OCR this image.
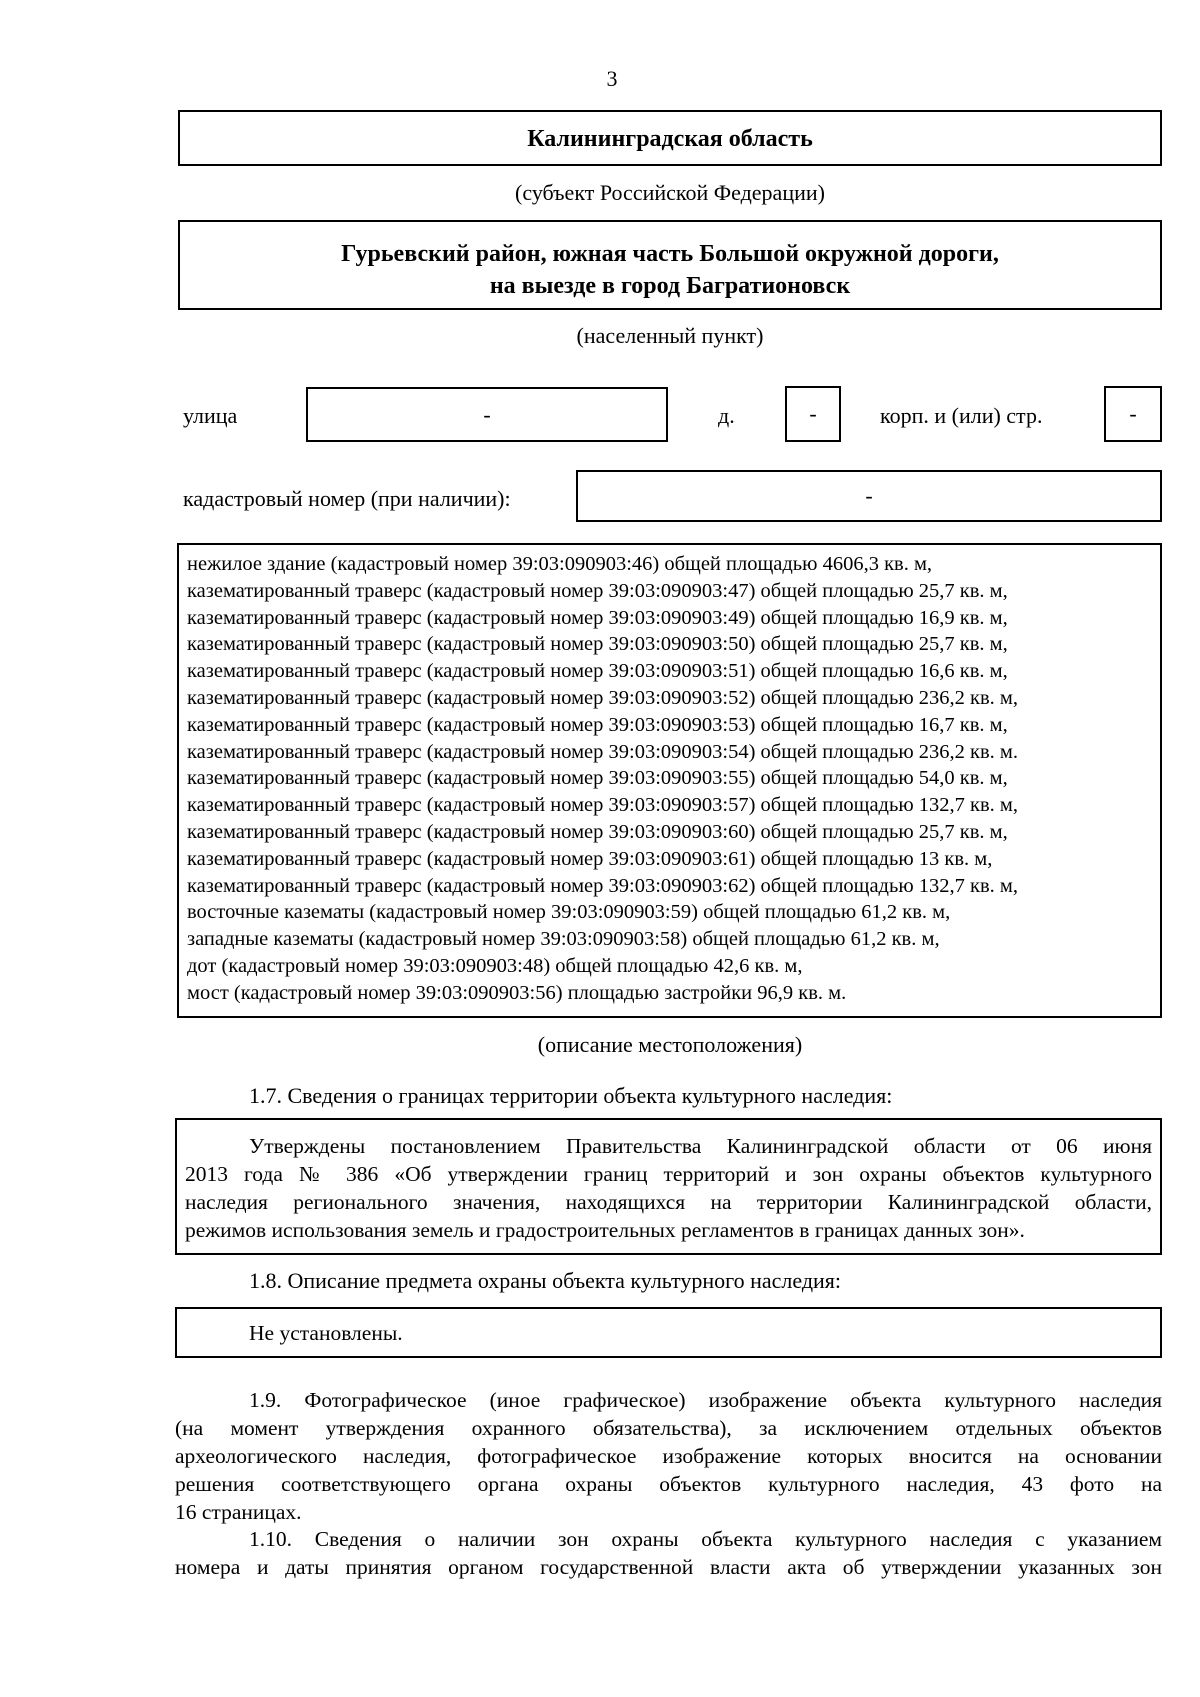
3
Калининградская область
(субъект Российской Федерации)
Гурьевский район, южная часть Большой окружной дороги,
на выезде в город Багратионовск
(населенный пункт)
улица	-	д.	-	корп. и (или) стр.	-
кадастровый номер (при наличии):	-
нежилое здание (кадастровый номер 39:03:090903:46) общей площадью 4606,3 кв. м,
казематированный траверс (кадастровый номер 39:03:090903:47) общей площадью 25,7 кв. м,
казематированный траверс (кадастровый номер 39:03:090903:49) общей площадью 16,9 кв. м,
казематированный траверс (кадастровый номер 39:03:090903:50) общей площадью 25,7 кв. м,
казематированный траверс (кадастровый номер 39:03:090903:51) общей площадью 16,6 кв. м,
казематированный траверс (кадастровый номер 39:03:090903:52) общей площадью 236,2 кв. м,
казематированный траверс (кадастровый номер 39:03:090903:53) общей площадью 16,7 кв. м,
казематированный траверс (кадастровый номер 39:03:090903:54) общей площадью 236,2 кв. м.
казематированный траверс (кадастровый номер 39:03:090903:55) общей площадью 54,0 кв. м,
казематированный траверс (кадастровый номер 39:03:090903:57) общей площадью 132,7 кв. м,
казематированный траверс (кадастровый номер 39:03:090903:60) общей площадью 25,7 кв. м,
казематированный траверс (кадастровый номер 39:03:090903:61) общей площадью 13 кв. м,
казематированный траверс (кадастровый номер 39:03:090903:62) общей площадью 132,7 кв. м,
восточные казематы (кадастровый номер 39:03:090903:59) общей площадью 61,2 кв. м,
западные казематы (кадастровый номер 39:03:090903:58) общей площадью 61,2 кв. м,
дот (кадастровый номер 39:03:090903:48) общей площадью 42,6 кв. м,
мост (кадастровый номер 39:03:090903:56) площадью застройки 96,9 кв. м.
(описание местоположения)
1.7. Сведения о границах территории объекта культурного наследия:
Утверждены постановлением Правительства Калининградской области от 06 июня
2013 года № 386 «Об утверждении границ территорий и зон охраны объектов культурного
наследия регионального значения, находящихся на территории Калининградской области,
режимов использования земель и градостроительных регламентов в границах данных зон».
1.8. Описание предмета охраны объекта культурного наследия:
Не установлены.
1.9. Фотографическое (иное графическое) изображение объекта культурного наследия
(на момент утверждения охранного обязательства), за исключением отдельных объектов
археологического наследия, фотографическое изображение которых вносится на основании
решения соответствующего органа охраны объектов культурного наследия, 43 фото на
16 страницах.
1.10. Сведения о наличии зон охраны объекта культурного наследия с указанием
номера и даты принятия органом государственной власти акта об утверждении указанных зон
